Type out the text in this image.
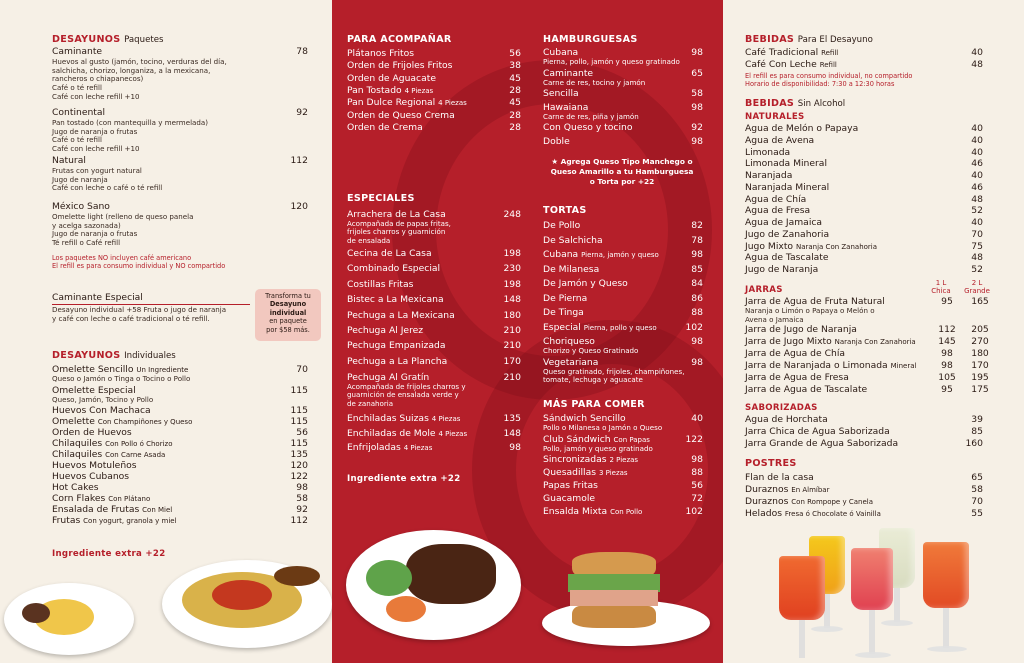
DESAYUNOS Paquetes
Caminante	78
Huevos al gusto (jamón, tocino, verduras del día,
salchicha, chorizo, longaniza, a la mexicana,
rancheros o chiapanecos)
Café o té refill
Café con leche refill +10
Continental	92
Pan tostado (con mantequilla y mermelada)
Jugo de naranja o frutas
Café o té refill
Café con leche refill +10
Natural	112
Frutas con yogurt natural
Jugo de naranja
Café con leche o café o té refill
México Sano	120
Omelette light (relleno de queso panela
y acelga sazonada)
Jugo de naranja o frutas
Té refill o Café refill
Los paquetes NO incluyen café americano
El refill es para consumo individual y NO compartido
Caminante Especial
Desayuno individual +58 Fruta o jugo de naranja
y café con leche o café tradicional o té refill.
Transforma tu
Desayuno
individual
en paquete
por $58 más.
DESAYUNOS Individuales
Omelette Sencillo Un Ingrediente	70
Queso o Jamón o Tinga o Tocino o Pollo
Omelette Especial	115
Queso, Jamón, Tocino y Pollo
Huevos Con Machaca	115
Omelette Con Champiñones y Queso	115
Orden de Huevos	56
Chilaquiles Con Pollo ó Chorizo	115
Chilaquiles Con Carne Asada	135
Huevos Motuleños	120
Huevos Cubanos	122
Hot Cakes	98
Corn Flakes Con Plátano	58
Ensalada de Frutas Con Miel	92
Frutas Con yogurt, granola y miel	112
Ingrediente extra +22
PARA ACOMPAÑAR
Plátanos Fritos	56
Orden de Frijoles Fritos	38
Orden de Aguacate	45
Pan Tostado 4 Piezas	28
Pan Dulce Regional 4 Piezas	45
Orden de Queso Crema	28
Orden de Crema	28
ESPECIALES
Arrachera de La Casa	248
Acompañada de papas fritas,
frijoles charros y guarnición
de ensalada
Cecina de La Casa	198
Combinado Especial	230
Costillas Fritas	198
Bistec a La Mexicana	148
Pechuga a La Mexicana	180
Pechuga Al Jerez	210
Pechuga Empanizada	210
Pechuga a La Plancha	170
Pechuga Al Gratín	210
Acompañada de frijoles charros y
guarnición de ensalada verde y
de zanahoria
Enchiladas Suizas 4 Piezas	135
Enchiladas de Mole 4 Piezas	148
Enfrijoladas 4 Piezas	98
Ingrediente extra +22
HAMBURGUESAS
Cubana	98
Pierna, pollo, jamón y queso gratinado
Caminante	65
Carne de res, tocino y jamón
Sencilla	58
Hawaiana	98
Carne de res, piña y jamón
Con Queso y tocino	92
Doble	98
★ Agrega Queso Tipo Manchego o
Queso Amarillo a tu Hamburguesa
o Torta por +22
TORTAS
De Pollo	82
De Salchicha	78
Cubana Pierna, jamón y queso	98
De Milanesa	85
De Jamón y Queso	84
De Pierna	86
De Tinga	88
Especial Pierna, pollo y queso	102
Choriqueso	98
Chorizo y Queso Gratinado
Vegetariana	98
Queso gratinado, frijoles, champiñones,
tomate, lechuga y aguacate
MÁS PARA COMER
Sándwich Sencillo	40
Pollo o Milanesa o Jamón o Queso
Club Sándwich Con Papas	122
Pollo, jamón y queso gratinado
Sincronizadas 2 Piezas	98
Quesadillas 3 Piezas	88
Papas Fritas	56
Guacamole	72
Ensalda Mixta Con Pollo	102
BEBIDAS Para El Desayuno
Café Tradicional Refill	40
Café Con Leche Refill	48
El refill es para consumo individual, no compartido
Horario de disponibilidad: 7:30 a 12:30 horas
BEBIDAS Sin Alcohol
NATURALES
Agua de Melón o Papaya	40
Agua de Avena	40
Limonada	40
Limonada Mineral	46
Naranjada	40
Naranjada Mineral	46
Agua de Chía	48
Agua de Fresa	52
Agua de Jamaica	40
Jugo de Zanahoria	70
Jugo Mixto Naranja Con Zanahoria	75
Agua de Tascalate	48
Jugo de Naranja	52
JARRAS
1 L
Chica
2 L
Grande
Jarra de Agua de Fruta Natural	95	165
Naranja o Limón o Papaya o Melón o
Avena o Jamaica
Jarra de Jugo de Naranja	112	205
Jarra de Jugo Mixto Naranja Con Zanahoria	145	270
Jarra de Agua de Chía	98	180
Jarra de Naranjada o Limonada Mineral	98	170
Jarra de Agua de Fresa	105	195
Jarra de Agua de Tascalate	95	175
SABORIZADAS
Agua de Horchata	39
Jarra Chica de Agua Saborizada	85
Jarra Grande de Agua Saborizada	160
POSTRES
Flan de la casa	65
Duraznos En Almíbar	58
Duraznos Con Rompope y Canela	70
Helados Fresa ó Chocolate ó Vainilla	55
